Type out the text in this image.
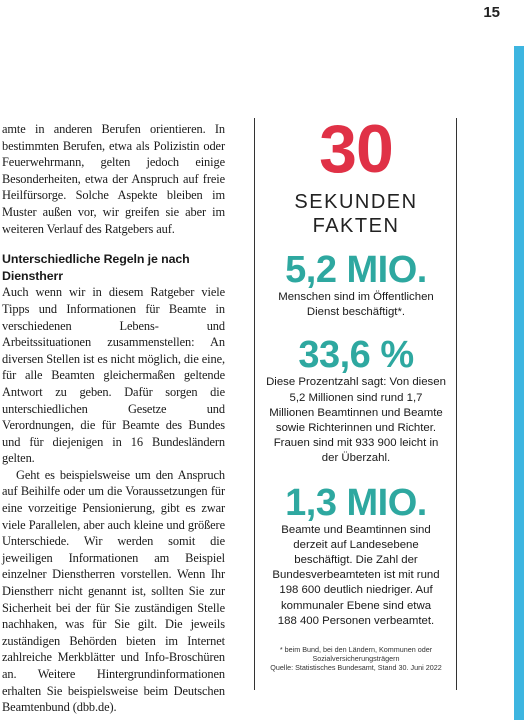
15

amte in anderen Berufen orientieren. In bestimmten Berufen, etwa als Polizistin oder Feuerwehrmann, gelten jedoch einige Besonderheiten, etwa der Anspruch auf freie Heilfürsorge. Solche Aspekte bleiben im Muster außen vor, wir greifen sie aber im weiteren Verlauf des Ratgebers auf.

Unterschiedliche Regeln je nach Dienstherr

Auch wenn wir in diesem Ratgeber viele Tipps und Informationen für Beamte in verschiedenen Lebens- und Arbeitssituationen zusammenstellen: An diversen Stellen ist es nicht möglich, die eine, für alle Beamten gleichermaßen geltende Antwort zu geben. Dafür sorgen die unterschiedlichen Gesetze und Verordnungen, die für Beamte des Bundes und für diejenigen in 16 Bundesländern gelten.

Geht es beispielsweise um den Anspruch auf Beihilfe oder um die Voraussetzungen für eine vorzeitige Pensionierung, gibt es zwar viele Parallelen, aber auch kleine und größere Unterschiede. Wir werden somit die jeweiligen Informationen am Beispiel einzelner Dienstherren vorstellen. Wenn Ihr Dienstherr nicht genannt ist, sollten Sie zur Sicherheit bei der für Sie zuständigen Stelle nachhaken, was für Sie gilt. Die jeweils zuständigen Behörden bieten im Internet zahlreiche Merkblätter und Info-Broschüren an. Weitere Hintergrundinformationen erhalten Sie beispielsweise beim Deutschen Beamtenbund (dbb.de).

30
SEKUNDEN
FAKTEN
5,2 MIO.
Menschen sind im Öffentlichen Dienst beschäftigt*.
33,6 %
Diese Prozentzahl sagt: Von diesen 5,2 Millionen sind rund 1,7 Millionen Beamtinnen und Beamte sowie Richterinnen und Richter. Frauen sind mit 933 900 leicht in der Überzahl.
1,3 MIO.
Beamte und Beamtinnen sind derzeit auf Landesebene beschäftigt. Die Zahl der Bundesverbeamteten ist mit rund 198 600 deutlich niedriger. Auf kommunaler Ebene sind etwa 188 400 Personen verbeamtet.
* beim Bund, bei den Ländern, Kommunen oder Sozialversicherungsträgern
Quelle: Statistisches Bundesamt, Stand 30. Juni 2022
